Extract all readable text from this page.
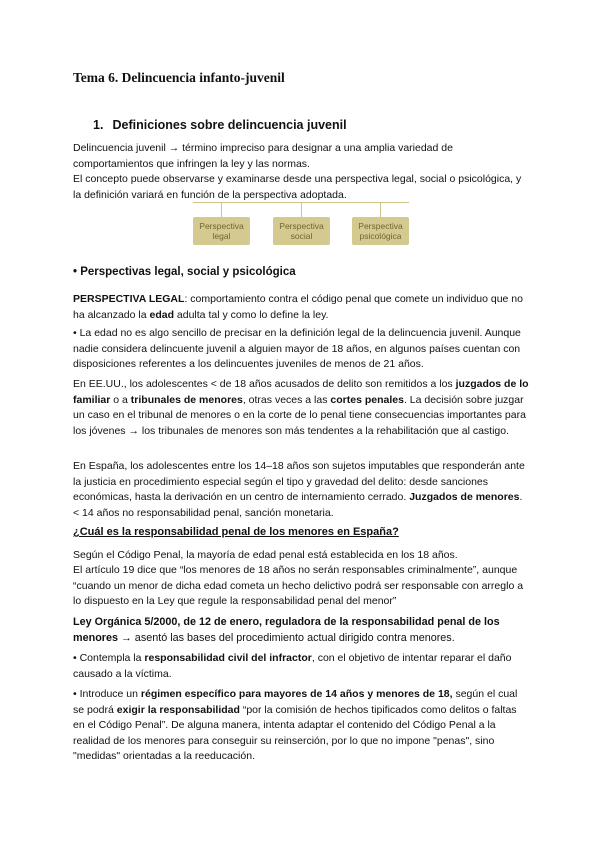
Tema 6. Delincuencia infanto-juvenil
1. Definiciones sobre delincuencia juvenil

Delincuencia juvenil → término impreciso para designar a una amplia variedad de comportamientos que infringen la ley y las normas.

El concepto puede observarse y examinarse desde una perspectiva legal, social o psicológica, y la definición variará en función de la perspectiva adoptada.

Perspectiva legal
Perspectiva social
Perspectiva psicológica

• Perspectivas legal, social y psicológica

PERSPECTIVA LEGAL: comportamiento contra el código penal que comete un individuo que no ha alcanzado la edad adulta tal y como lo define la ley.

• La edad no es algo sencillo de precisar en la definición legal de la delincuencia juvenil. Aunque nadie considera delincuente juvenil a alguien mayor de 18 años, en algunos países cuentan con disposiciones referentes a los delincuentes juveniles de menos de 21 años.

En EE.UU., los adolescentes < de 18 años acusados de delito son remitidos a los juzgados de lo familiar o a tribunales de menores, otras veces a las cortes penales. La decisión sobre juzgar un caso en el tribunal de menores o en la corte de lo penal tiene consecuencias importantes para los jóvenes → los tribunales de menores son más tendentes a la rehabilitación que al castigo.

En España, los adolescentes entre los 14–18 años son sujetos imputables que responderán ante la justicia en procedimiento especial según el tipo y gravedad del delito: desde sanciones económicas, hasta la derivación en un centro de internamiento cerrado. Juzgados de menores. < 14 años no responsabilidad penal, sanción monetaria.

¿Cuál es la responsabilidad penal de los menores en España?

Según el Código Penal, la mayoría de edad penal está establecida en los 18 años.

El artículo 19 dice que “los menores de 18 años no serán responsables criminalmente”, aunque “cuando un menor de dicha edad cometa un hecho delictivo podrá ser responsable con arreglo a lo dispuesto en la Ley que regule la responsabilidad penal del menor”

Ley Orgánica 5/2000, de 12 de enero, reguladora de la responsabilidad penal de los menores → asentó las bases del procedimiento actual dirigido contra menores.

• Contempla la responsabilidad civil del infractor, con el objetivo de intentar reparar el daño causado a la víctima.

• Introduce un régimen específico para mayores de 14 años y menores de 18, según el cual se podrá exigir la responsabilidad “por la comisión de hechos tipificados como delitos o faltas en el Código Penal”. De alguna manera, intenta adaptar el contenido del Código Penal a la realidad de los menores para conseguir su reinserción, por lo que no impone "penas", sino "medidas" orientadas a la reeducación.
